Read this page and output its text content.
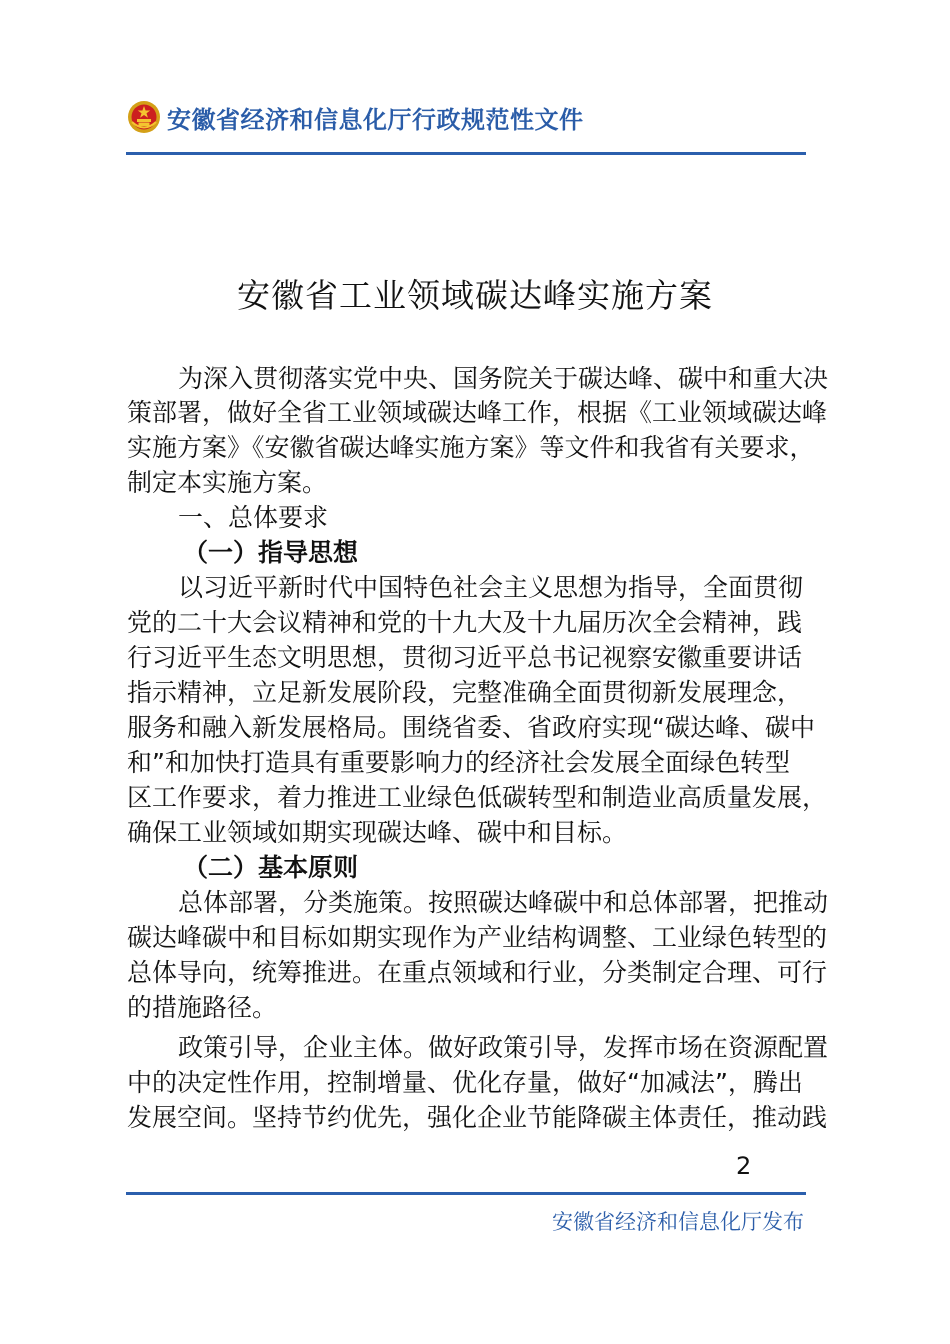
安徽省经济和信息化厅行政规范性文件
安徽省工业领域碳达峰实施方案
为深入贯彻落实党中央、国务院关于碳达峰、碳中和重大决
策部署，做好全省工业领域碳达峰工作，根据《工业领域碳达峰
实施方案》《安徽省碳达峰实施方案》等文件和我省有关要求，
制定本实施方案。
一、总体要求
（一）指导思想
以习近平新时代中国特色社会主义思想为指导，全面贯彻
党的二十大会议精神和党的十九大及十九届历次全会精神，践
行习近平生态文明思想，贯彻习近平总书记视察安徽重要讲话
指示精神，立足新发展阶段，完整准确全面贯彻新发展理念，
服务和融入新发展格局。围绕省委、省政府实现“碳达峰、碳中
和”和加快打造具有重要影响力的经济社会发展全面绿色转型
区工作要求，着力推进工业绿色低碳转型和制造业高质量发展，
确保工业领域如期实现碳达峰、碳中和目标。
（二）基本原则
总体部署，分类施策。按照碳达峰碳中和总体部署，把推动
碳达峰碳中和目标如期实现作为产业结构调整、工业绿色转型的
总体导向，统筹推进。在重点领域和行业，分类制定合理、可行
的措施路径。
政策引导，企业主体。做好政策引导，发挥市场在资源配置
中的决定性作用，控制增量、优化存量，做好“加减法”，腾出
发展空间。坚持节约优先，强化企业节能降碳主体责任，推动践
2
安徽省经济和信息化厅发布
